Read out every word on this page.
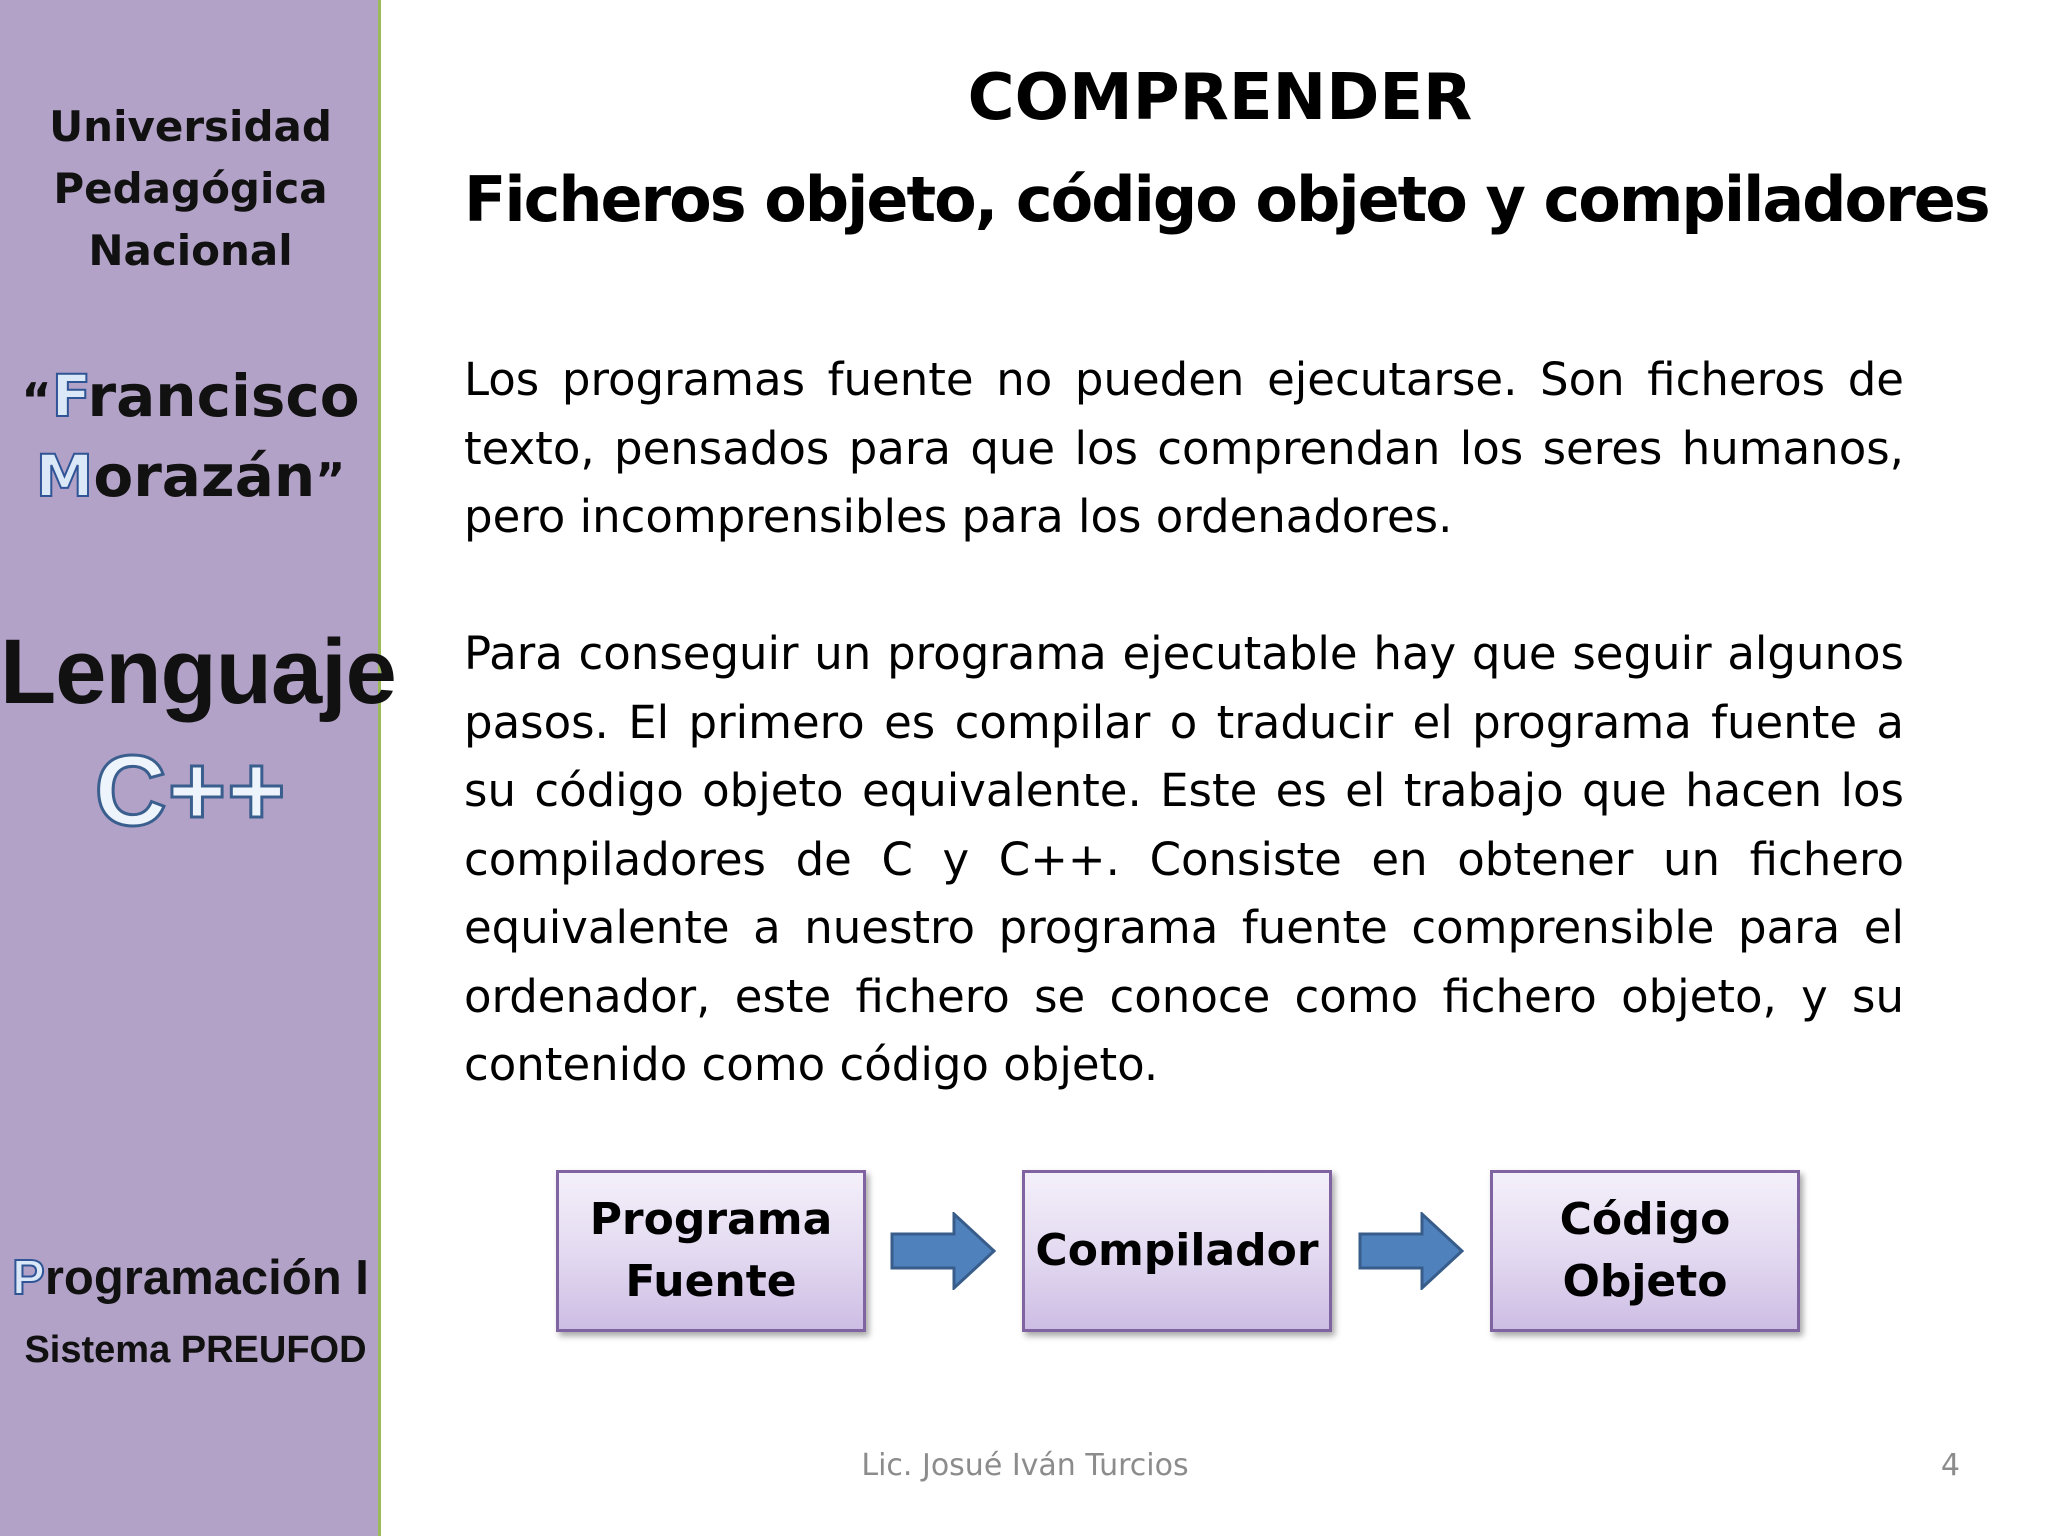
Universidad
Pedagógica
Nacional
“Francisco
Morazán”
Lenguaje
C++
Programación I
Sistema PREUFOD
COMPRENDER
Ficheros objeto, código objeto y compiladores
Los programas fuente no pueden ejecutarse. Son ficheros de texto, pensados para que los comprendan los seres humanos, pero incomprensibles para los ordenadores.
Para conseguir un programa ejecutable hay que seguir algunos pasos. El primero es compilar o traducir el programa fuente a su código objeto equivalente. Este es el trabajo que hacen los compiladores de C y C++. Consiste en obtener un fichero equivalente a nuestro programa fuente comprensible para el ordenador, este fichero se conoce como fichero objeto, y su contenido como código objeto.
Programa
Fuente
Compilador
Código
Objeto
Lic. Josué Iván Turcios	4
